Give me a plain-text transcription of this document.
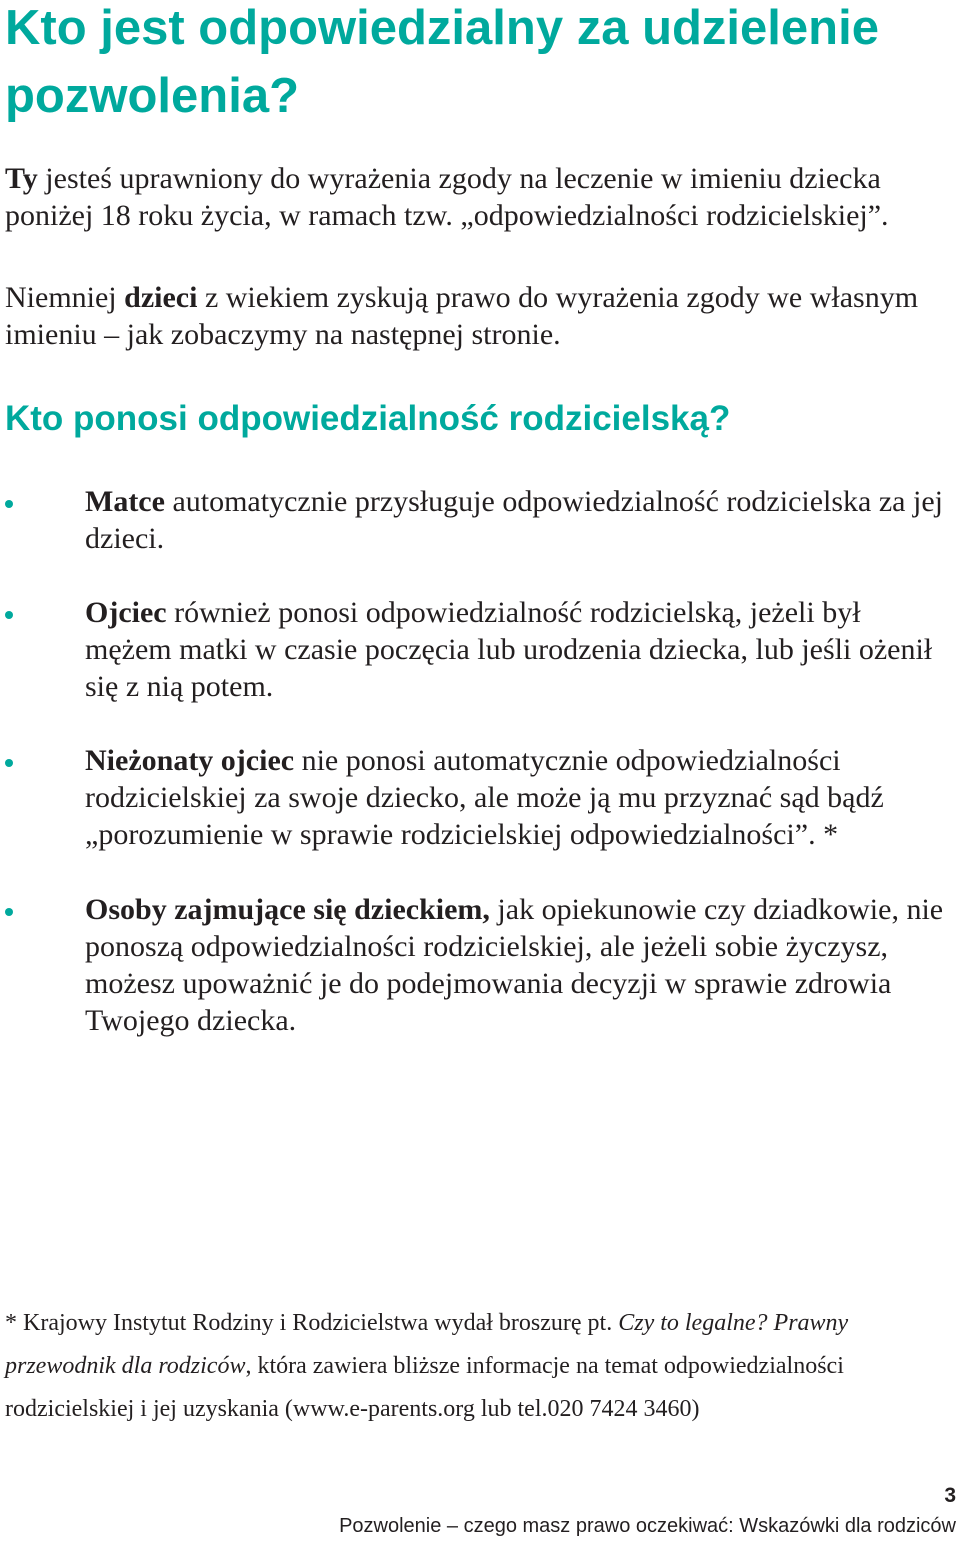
Kto jest odpowiedzialny za udzielenie pozwolenia?

Ty jesteś uprawniony do wyrażenia zgody na leczenie w imieniu dziecka poniżej 18 roku życia, w ramach tzw. „odpowiedzialności rodzicielskiej”.

Niemniej dzieci z wiekiem zyskują prawo do wyrażenia zgody we własnym imieniu – jak zobaczymy na następnej stronie.

Kto ponosi odpowiedzialność rodzicielską?

Matce automatycznie przysługuje odpowiedzialność rodzicielska za jej dzieci.

Ojciec również ponosi odpowiedzialność rodzicielską, jeżeli był mężem matki w czasie poczęcia lub urodzenia dziecka, lub jeśli ożenił się z nią potem.

Nieżonaty ojciec nie ponosi automatycznie odpowiedzialności rodzicielskiej za swoje dziecko, ale może ją mu przyznać sąd bądź „porozumienie w sprawie rodzicielskiej odpowiedzialności”. *

Osoby zajmujące się dzieckiem, jak opiekunowie czy dziadkowie, nie ponoszą odpowiedzialności rodzicielskiej, ale jeżeli sobie życzysz, możesz upoważnić je do podejmowania decyzji w sprawie zdrowia Twojego dziecka.

* Krajowy Instytut Rodziny i Rodzicielstwa wydał broszurę pt. Czy to legalne? Prawny przewodnik dla rodziców, która zawiera bliższe informacje na temat odpowiedzialności rodzicielskiej i jej uzyskania (www.e-parents.org lub tel.020 7424 3460)

3
Pozwolenie – czego masz prawo oczekiwać: Wskazówki dla rodziców
